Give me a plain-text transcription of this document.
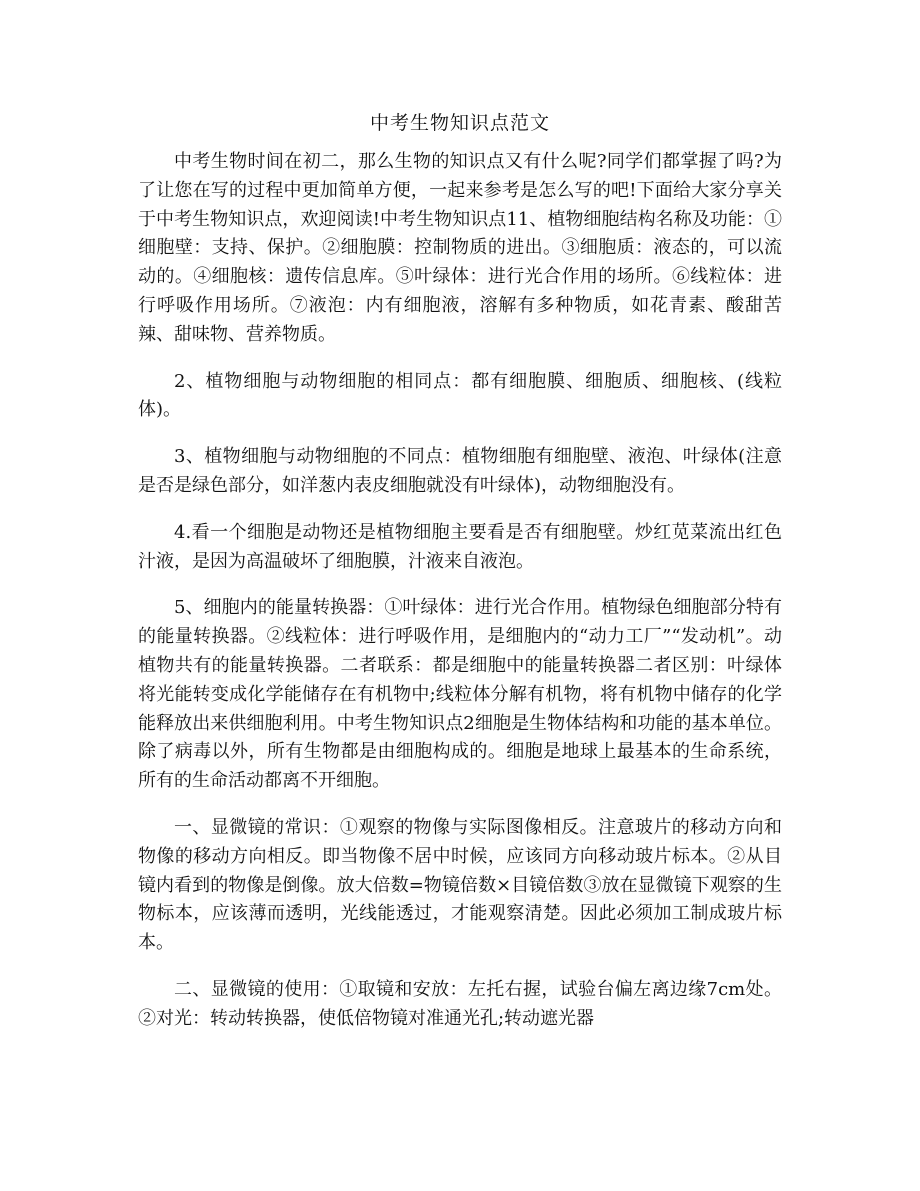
中考生物知识点范文

中考生物时间在初二，那么生物的知识点又有什么呢?同学们都掌握了吗?为了让您在写的过程中更加简单方便，一起来参考是怎么写的吧!下面给大家分享关于中考生物知识点，欢迎阅读!中考生物知识点11、植物细胞结构名称及功能：①细胞壁：支持、保护。②细胞膜：控制物质的进出。③细胞质：液态的，可以流动的。④细胞核：遗传信息库。⑤叶绿体：进行光合作用的场所。⑥线粒体：进行呼吸作用场所。⑦液泡：内有细胞液，溶解有多种物质，如花青素、酸甜苦辣、甜味物、营养物质。

2、植物细胞与动物细胞的相同点：都有细胞膜、细胞质、细胞核、(线粒体)。

3、植物细胞与动物细胞的不同点：植物细胞有细胞壁、液泡、叶绿体(注意是否是绿色部分，如洋葱内表皮细胞就没有叶绿体)，动物细胞没有。

4.看一个细胞是动物还是植物细胞主要看是否有细胞壁。炒红苋菜流出红色汁液，是因为高温破坏了细胞膜，汁液来自液泡。

5、细胞内的能量转换器：①叶绿体：进行光合作用。植物绿色细胞部分特有的能量转换器。②线粒体：进行呼吸作用，是细胞内的“动力工厂”“发动机”。动植物共有的能量转换器。二者联系：都是细胞中的能量转换器二者区别：叶绿体将光能转变成化学能储存在有机物中;线粒体分解有机物，将有机物中储存的化学能释放出来供细胞利用。中考生物知识点2细胞是生物体结构和功能的基本单位。除了病毒以外，所有生物都是由细胞构成的。细胞是地球上最基本的生命系统，所有的生命活动都离不开细胞。

一、显微镜的常识：①观察的物像与实际图像相反。注意玻片的移动方向和物像的移动方向相反。即当物像不居中时候，应该同方向移动玻片标本。②从目镜内看到的物像是倒像。放大倍数=物镜倍数×目镜倍数③放在显微镜下观察的生物标本，应该薄而透明，光线能透过，才能观察清楚。因此必须加工制成玻片标本。

二、显微镜的使用：①取镜和安放：左托右握，试验台偏左离边缘7cm处。②对光：转动转换器，使低倍物镜对准通光孔;转动遮光器
